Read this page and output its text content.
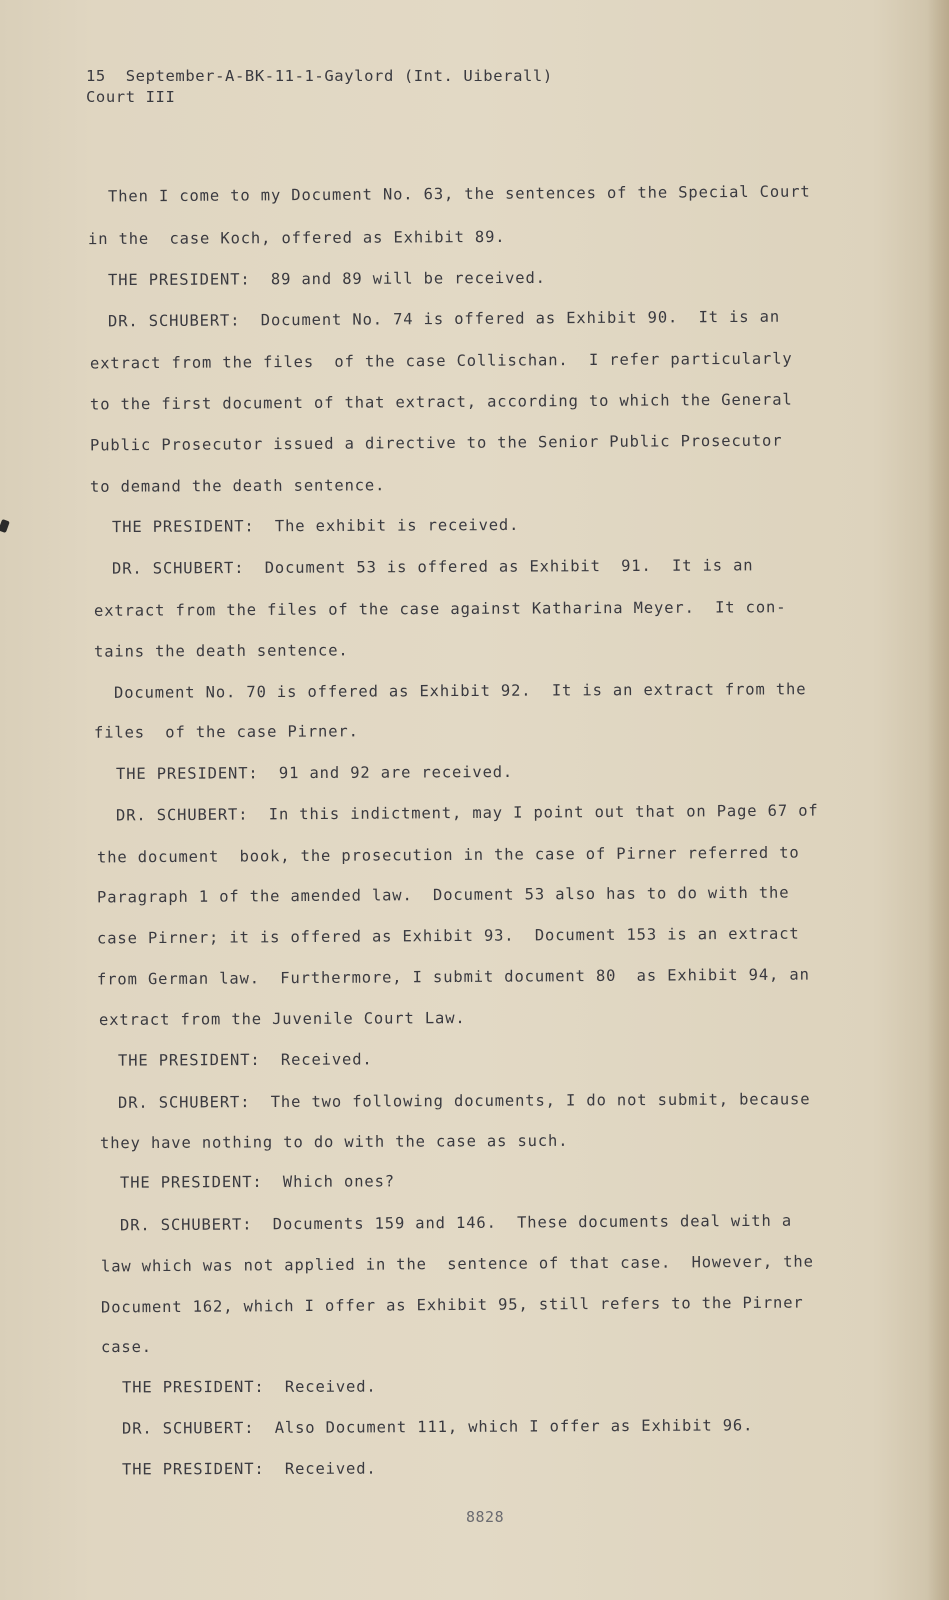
15  September-A-BK-11-1-Gaylord (Int. Uiberall)
Court III
Then I come to my Document No. 63, the sentences of the Special Court
in the  case Koch, offered as Exhibit 89.
THE PRESIDENT:  89 and 89 will be received.
DR. SCHUBERT:  Document No. 74 is offered as Exhibit 90.  It is an
extract from the files  of the case Collischan.  I refer particularly
to the first document of that extract, according to which the General
Public Prosecutor issued a directive to the Senior Public Prosecutor
to demand the death sentence.
THE PRESIDENT:  The exhibit is received.
DR. SCHUBERT:  Document 53 is offered as Exhibit  91.  It is an
extract from the files of the case against Katharina Meyer.  It con-
tains the death sentence.
Document No. 70 is offered as Exhibit 92.  It is an extract from the
files  of the case Pirner.
THE PRESIDENT:  91 and 92 are received.
DR. SCHUBERT:  In this indictment, may I point out that on Page 67 of
the document  book, the prosecution in the case of Pirner referred to
Paragraph 1 of the amended law.  Document 53 also has to do with the
case Pirner; it is offered as Exhibit 93.  Document 153 is an extract
from German law.  Furthermore, I submit document 80  as Exhibit 94, an
extract from the Juvenile Court Law.
THE PRESIDENT:  Received.
DR. SCHUBERT:  The two following documents, I do not submit, because
they have nothing to do with the case as such.
THE PRESIDENT:  Which ones?
DR. SCHUBERT:  Documents 159 and 146.  These documents deal with a
law which was not applied in the  sentence of that case.  However, the
Document 162, which I offer as Exhibit 95, still refers to the Pirner
case.
THE PRESIDENT:  Received.
DR. SCHUBERT:  Also Document 111, which I offer as Exhibit 96.
THE PRESIDENT:  Received.
8828
